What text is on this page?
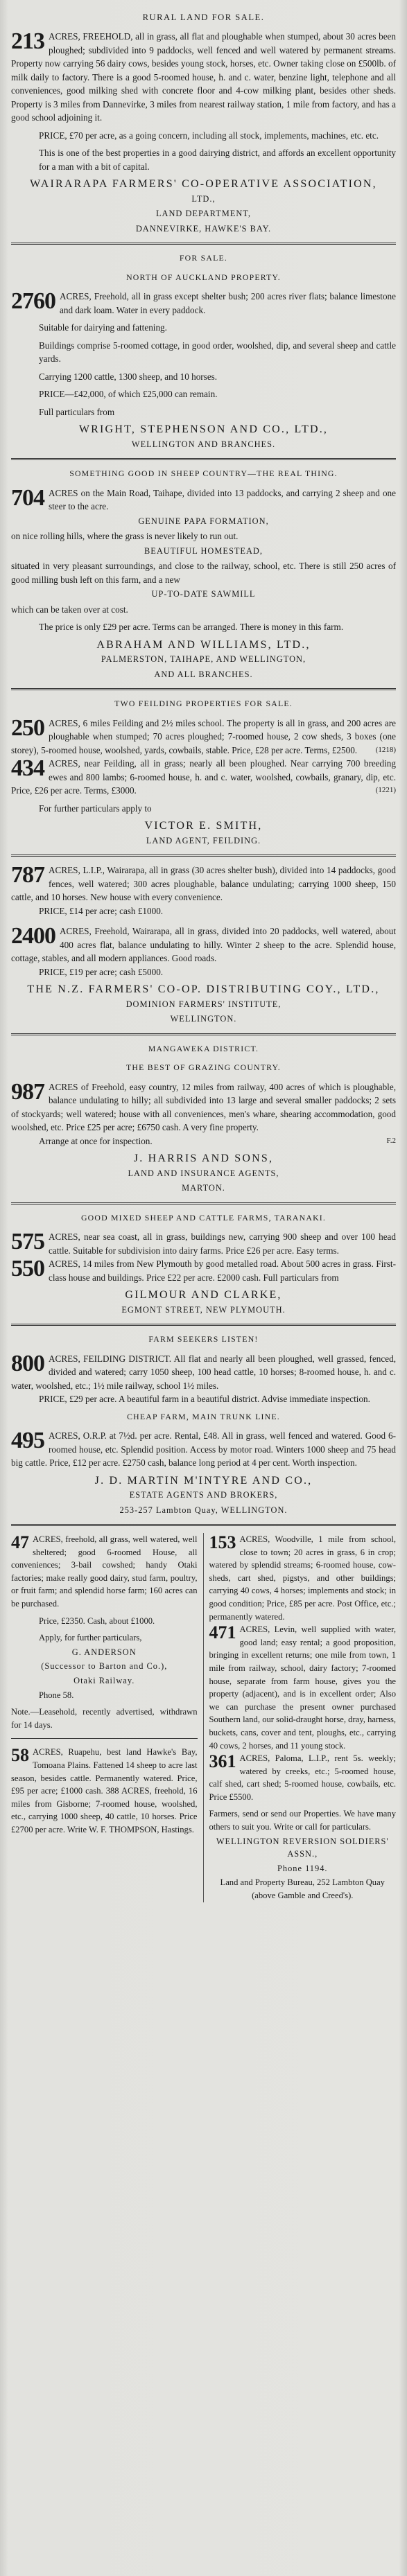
RURAL LAND FOR SALE.

213 ACRES, FREEHOLD, all in grass, all flat and ploughable when stumped, about 30 acres been ploughed; subdivided into 9 paddocks, well fenced and well watered by permanent streams. Property now carrying 56 dairy cows, besides young stock, horses, etc. Owner taking close on £500lb. of milk daily to factory. There is a good 5-roomed house, h. and c. water, benzine light, telephone and all conveniences, good milking shed with concrete floor and 4-cow milking plant, besides other sheds. Property is 3 miles from Dannevirke, 3 miles from nearest railway station, 1 mile from factory, and has a good school adjoining it.

PRICE, £70 per acre, as a going concern, including all stock, implements, machines, etc. etc.

This is one of the best properties in a good dairying district, and affords an excellent opportunity for a man with a bit of capital.

WAIRARAPA FARMERS' CO-OPERATIVE ASSOCIATION,
LTD.,
LAND DEPARTMENT,
DANNEVIRKE, HAWKE'S BAY.
FOR SALE.
NORTH OF AUCKLAND PROPERTY.

2760 ACRES, Freehold, all in grass except shelter bush; 200 acres river flats; balance limestone and dark loam. Water in every paddock.

Suitable for dairying and fattening.

Buildings comprise 5-roomed cottage, in good order, woolshed, dip, and several sheep and cattle yards.

Carrying 1200 cattle, 1300 sheep, and 10 horses.

PRICE—£42,000, of which £25,000 can remain.

Full particulars from

WRIGHT, STEPHENSON AND CO., LTD.,
WELLINGTON AND BRANCHES.
SOMETHING GOOD IN SHEEP COUNTRY—THE REAL THING.

704 ACRES on the Main Road, Taihape, divided into 13 paddocks, and carrying 2 sheep and one steer to the acre.

GENUINE PAPA FORMATION,

on nice rolling hills, where the grass is never likely to run out.

BEAUTIFUL HOMESTEAD,

situated in very pleasant surroundings, and close to the railway, school, etc. There is still 250 acres of good milling bush left on this farm, and a new

UP-TO-DATE SAWMILL

which can be taken over at cost.

The price is only £29 per acre. Terms can be arranged. There is money in this farm.

ABRAHAM AND WILLIAMS, LTD.,
PALMERSTON, TAIHAPE, AND WELLINGTON,
AND ALL BRANCHES.
TWO FEILDING PROPERTIES FOR SALE.

250 ACRES, 6 miles Feilding and 2½ miles school. The property is all in grass, and 200 acres are ploughable when stumped; 70 acres ploughed; 7-roomed house, 2 cow sheds, 3 boxes (one storey), 5-roomed house, woolshed, yards, cowbails, stable. Price, £28 per acre. Terms, £2500. (1218)

434 ACRES, near Feilding, all in grass; nearly all been ploughed. Near carrying 700 breeding ewes and 800 lambs; 6-roomed house, h. and c. water, woolshed, cowbails, granary, dip, etc. Price, £26 per acre. Terms, £3000.	(1221)

For further particulars apply to

VICTOR E. SMITH,
LAND AGENT, FEILDING.

787 ACRES, L.I.P., Wairarapa, all in grass (30 acres shelter bush), divided into 14 paddocks, good fences, well watered; 300 acres ploughable, balance undulating; carrying 1000 sheep, 150 cattle, and 10 horses. New house with every convenience.

PRICE, £14 per acre; cash £1000.

2400 ACRES, Freehold, Wairarapa, all in grass, divided into 20 paddocks, well watered, about 400 acres flat, balance undulating to hilly. Winter 2 sheep to the acre. Splendid house, cottage, stables, and all modern appliances. Good roads.

PRICE, £19 per acre; cash £5000.

THE N.Z. FARMERS' CO-OP. DISTRIBUTING COY., LTD.,
DOMINION FARMERS' INSTITUTE,
WELLINGTON.
MANGAWEKA DISTRICT.
THE BEST OF GRAZING COUNTRY.

987 ACRES of Freehold, easy country, 12 miles from railway, 400 acres of which is ploughable, balance undulating to hilly; all subdivided into 13 large and several smaller paddocks; 2 sets of stockyards; well watered; house with all conveniences, men's whare, shearing accommodation, good woolshed, etc. Price £25 per acre; £6750 cash. A very fine property.

Arrange at once for inspection.	F.2

J. HARRIS AND SONS,
LAND AND INSURANCE AGENTS,
MARTON.
GOOD MIXED SHEEP AND CATTLE FARMS, TARANAKI.

575 ACRES, near sea coast, all in grass, buildings new, carrying 900 sheep and over 100 head cattle. Suitable for subdivision into dairy farms. Price £26 per acre. Easy terms.

550 ACRES, 14 miles from New Plymouth by good metalled road. About 500 acres in grass. First-class house and buildings. Price £22 per acre. £2000 cash. Full particulars from

GILMOUR AND CLARKE,
EGMONT STREET, NEW PLYMOUTH.
FARM SEEKERS LISTEN!

800 ACRES, FEILDING DISTRICT. All flat and nearly all been ploughed, well grassed, fenced, divided and watered; carry 1050 sheep, 100 head cattle, 10 horses; 8-roomed house, h. and c. water, woolshed, etc.; 1½ mile railway, school 1½ miles.

PRICE, £29 per acre. A beautiful farm in a beautiful district. Advise immediate inspection.

CHEAP FARM, MAIN TRUNK LINE.

495 ACRES, O.R.P. at 7½d. per acre. Rental, £48. All in grass, well fenced and watered. Good 6-roomed house, etc. Splendid position. Access by motor road. Winters 1000 sheep and 75 head big cattle. Price, £12 per acre. £2750 cash, balance long period at 4 per cent. Worth inspection.

J. D. MARTIN M'INTYRE AND CO.,
ESTATE AGENTS AND BROKERS,
253-257 Lambton Quay, WELLINGTON.

47 ACRES, freehold, all grass, well watered, well sheltered; good 6-roomed House, all conveniences; 3-bail cowshed; handy Otaki factories; make really good dairy, stud farm, poultry, or fruit farm; and splendid horse farm; 160 acres can be purchased.

Price, £2350. Cash, about £1000.

Apply, for further particulars,

G. ANDERSON
(Successor to Barton and Co.),
Otaki Railway.

Phone 58.

Note.—Leasehold, recently advertised, withdrawn for 14 days.

58 ACRES, Ruapehu, best land Hawke's Bay, Tomoana Plains. Fattened 14 sheep to acre last season, besides cattle. Permanently watered. Price, £95 per acre; £1000 cash. 388 ACRES, freehold, 16 miles from Gisborne; 7-roomed house, woolshed, etc., carrying 1000 sheep, 40 cattle, 10 horses. Price £2700 per acre. Write W. F. THOMPSON, Hastings.

153 ACRES, Woodville, 1 mile from school, close to town; 20 acres in grass, 6 in crop; watered by splendid streams; 6-roomed house, cow-sheds, cart shed, pigstys, and other buildings; carrying 40 cows, 4 horses; implements and stock; in good condition; Price, £85 per acre. Post Office, etc.; permanently watered.

471 ACRES, Levin, well supplied with water, good land; easy rental; a good proposition, bringing in excellent returns; one mile from town, 1 mile from railway, school, dairy factory; 7-roomed house, separate from farm house, gives you the property (adjacent), and is in excellent order; Also we can purchase the present owner purchased Southern land, our solid-draught horse, dray, harness, buckets, cans, cover and tent, ploughs, etc., carrying 40 cows, 2 horses, and 11 young stock.

361 ACRES, Paloma, L.I.P., rent 5s. weekly; watered by creeks, etc.; 5-roomed house, calf shed, cart shed; 5-roomed house, cowbails, etc. Price £5500.

Farmers, send or send our Properties. We have many others to suit you. Write or call for particulars.

WELLINGTON REVERSION SOLDIERS' ASSN.,
Phone 1194.

Land and Property Bureau, 252 Lambton Quay (above Gamble and Creed's).
